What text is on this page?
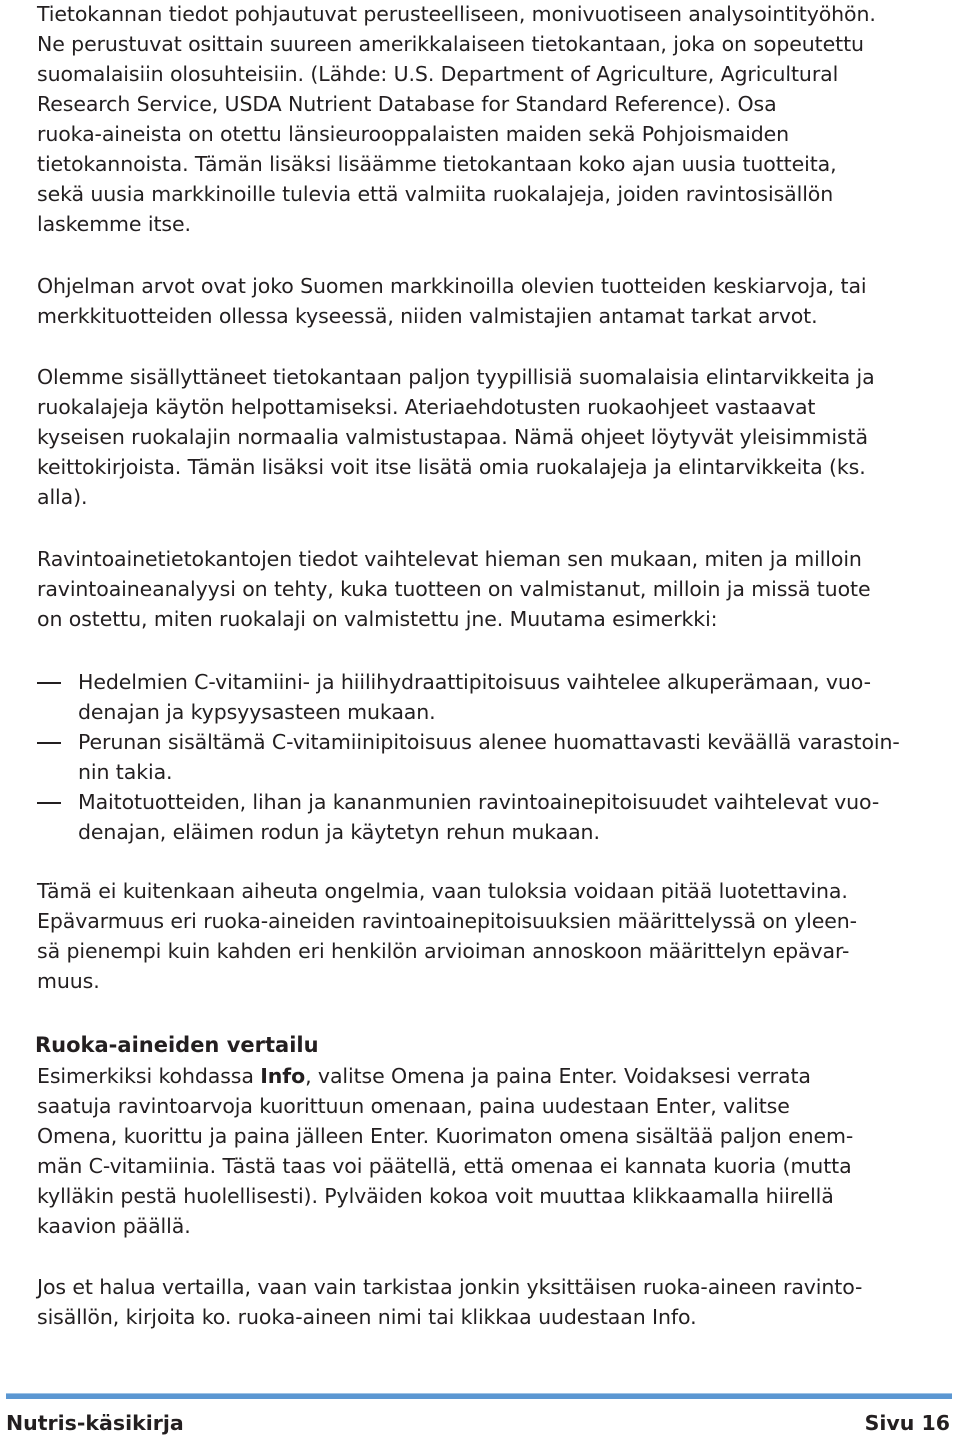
Tietokannan tiedot pohjautuvat perusteelliseen, monivuotiseen analysointityöhön.
Ne perustuvat osittain suureen amerikkalaiseen tietokantaan, joka on sopeutettu
suomalaisiin olosuhteisiin. (Lähde: U.S. Department of Agriculture, Agricultural
Research Service, USDA Nutrient Database for Standard Reference). Osa
ruoka-aineista on otettu länsieurooppalaisten maiden sekä Pohjoismaiden
tietokannoista. Tämän lisäksi lisäämme tietokantaan koko ajan uusia tuotteita,
sekä uusia markkinoille tulevia että valmiita ruokalajeja, joiden ravintosisällön
laskemme itse.

Ohjelman arvot ovat joko Suomen markkinoilla olevien tuotteiden keskiarvoja, tai
merkkituotteiden ollessa kyseessä, niiden valmistajien antamat tarkat arvot.

Olemme sisällyttäneet tietokantaan paljon tyypillisiä suomalaisia elintarvikkeita ja
ruokalajeja käytön helpottamiseksi. Ateriaehdotusten ruokaohjeet vastaavat
kyseisen ruokalajin normaalia valmistustapaa. Nämä ohjeet löytyvät yleisimmistä
keittokirjoista. Tämän lisäksi voit itse lisätä omia ruokalajeja ja elintarvikkeita (ks.
alla).

Ravintoainetietokantojen tiedot vaihtelevat hieman sen mukaan, miten ja milloin
ravintoaineanalyysi on tehty, kuka tuotteen on valmistanut, milloin ja missä tuote
on ostettu, miten ruokalaji on valmistettu jne. Muutama esimerkki:

Hedelmien C-vitamiini- ja hiilihydraattipitoisuus vaihtelee alkuperämaan, vuo-
denajan ja kypsyysasteen mukaan.

Perunan sisältämä C-vitamiinipitoisuus alenee huomattavasti keväällä varastoin-
nin takia.

Maitotuotteiden, lihan ja kananmunien ravintoainepitoisuudet vaihtelevat vuo-
denajan, eläimen rodun ja käytetyn rehun mukaan.

Tämä ei kuitenkaan aiheuta ongelmia, vaan tuloksia voidaan pitää luotettavina.
Epävarmuus eri ruoka-aineiden ravintoainepitoisuuksien määrittelyssä on yleen-
sä pienempi kuin kahden eri henkilön arvioiman annoskoon määrittelyn epävar-
muus.

Ruoka-aineiden vertailu

Esimerkiksi kohdassa Info, valitse Omena ja paina Enter. Voidaksesi verrata
saatuja ravintoarvoja kuorittuun omenaan, paina uudestaan Enter, valitse
Omena, kuorittu ja paina jälleen Enter. Kuorimaton omena sisältää paljon enem-
män C-vitamiinia. Tästä taas voi päätellä, että omenaa ei kannata kuoria (mutta
kylläkin pestä huolellisesti). Pylväiden kokoa voit muuttaa klikkaamalla hiirellä
kaavion päällä.

Jos et halua vertailla, vaan vain tarkistaa jonkin yksittäisen ruoka-aineen ravinto-
sisällön, kirjoita ko. ruoka-aineen nimi tai klikkaa uudestaan Info.

Nutris-käsikirja	Sivu 16
